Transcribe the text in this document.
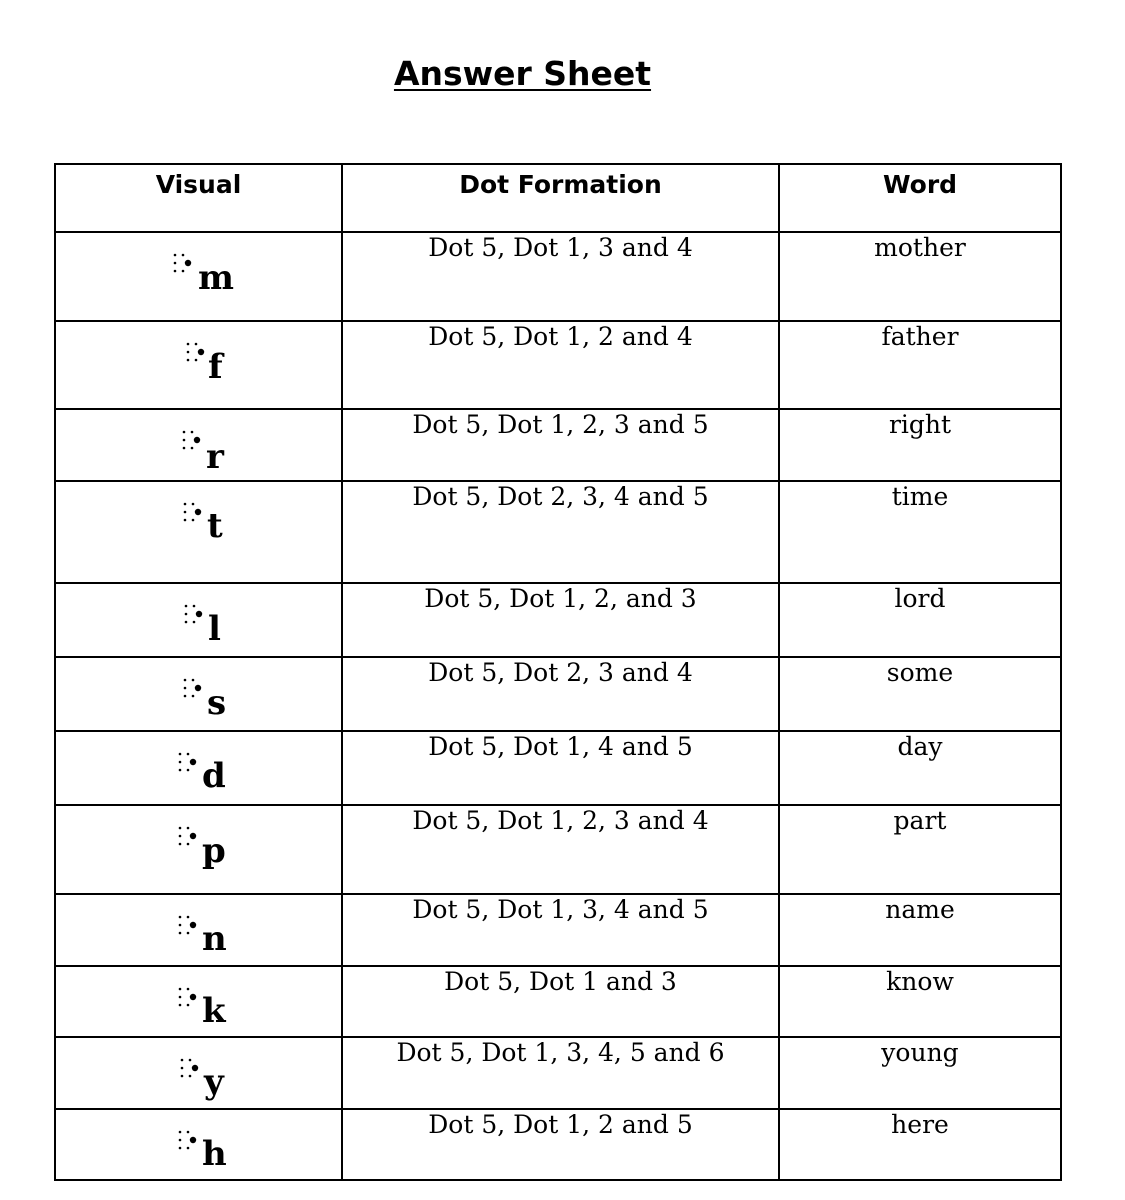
Answer Sheet
Visual	Dot Formation	Word

m	Dot 5, Dot 1, 3 and 4	mother

f	Dot 5, Dot 1, 2 and 4	father

r	Dot 5, Dot 1, 2, 3 and 5	right

t	Dot 5, Dot 2, 3, 4 and 5	time

l	Dot 5, Dot 1, 2, and 3	lord

s	Dot 5, Dot 2, 3 and 4	some

d	Dot 5, Dot 1, 4 and 5	day

p	Dot 5, Dot 1, 2, 3 and 4	part

n	Dot 5, Dot 1, 3, 4 and 5	name

k	Dot 5, Dot 1 and 3	know

y	Dot 5, Dot 1, 3, 4, 5 and 6	young

h	Dot 5, Dot 1, 2 and 5	here
